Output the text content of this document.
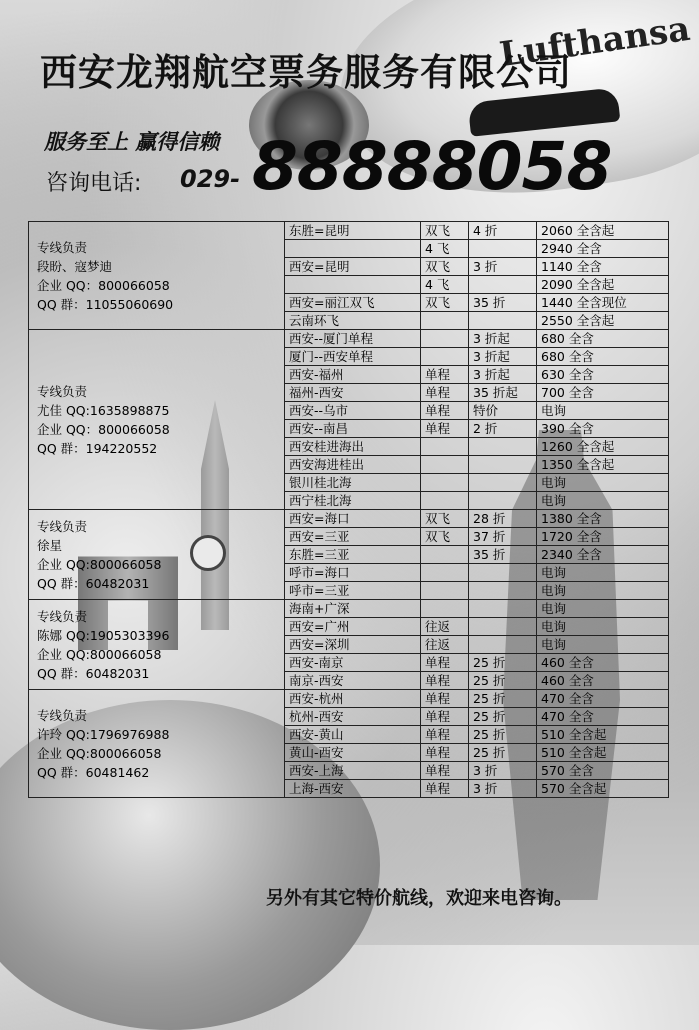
Lufthansa
西安龙翔航空票务服务有限公司
服务至上 赢得信赖
咨询电话: 029- 88888058
专线负责
段盼、寇梦迪
企业 QQ：800066058
QQ 群：11055060690	东胜=昆明	双飞	4 折	2060 全含起
		4 飞		2940 全含
	西安=昆明	双飞	3 折	1140 全含
		4 飞		2090 全含起
	西安=丽江双飞	双飞	35 折	1440 全含现位
	云南环飞			2550 全含起

专线负责
尤佳 QQ:1635898875
企业 QQ：800066058
QQ 群：194220552	西安--厦门单程		3 折起	680 全含
	厦门--西安单程		3 折起	680 全含
	西安-福州	单程	3 折起	630 全含
	福州-西安	单程	35 折起	700 全含
	西安--乌市	单程	特价	电询
	西安--南昌	单程	2 折	390 全含
	西安桂进海出			1260 全含起
	西安海进桂出			1350 全含起
	银川桂北海			电询
	西宁桂北海			电询

专线负责
徐星
企业 QQ:800066058
QQ 群：60482031	西安=海口	双飞	28 折	1380 全含
	西安=三亚	双飞	37 折	1720 全含
	东胜=三亚		35 折	2340 全含
	呼市=海口			电询
	呼市=三亚			电询

专线负责
陈娜 QQ:1905303396
企业 QQ:800066058
QQ 群：60482031	海南+广深			电询
	西安=广州	往返		电询
	西安=深圳	往返		电询
	西安-南京	单程	25 折	460 全含
	南京-西安	单程	25 折	460 全含

专线负责
许玲 QQ:1796976988
企业 QQ:800066058
QQ 群：60481462	西安-杭州	单程	25 折	470 全含
	杭州-西安	单程	25 折	470 全含
	西安-黄山	单程	25 折	510 全含起
	黄山-西安	单程	25 折	510 全含起
	西安-上海	单程	3 折	570 全含
	上海-西安	单程	3 折	570 全含起
另外有其它特价航线，欢迎来电咨询。
